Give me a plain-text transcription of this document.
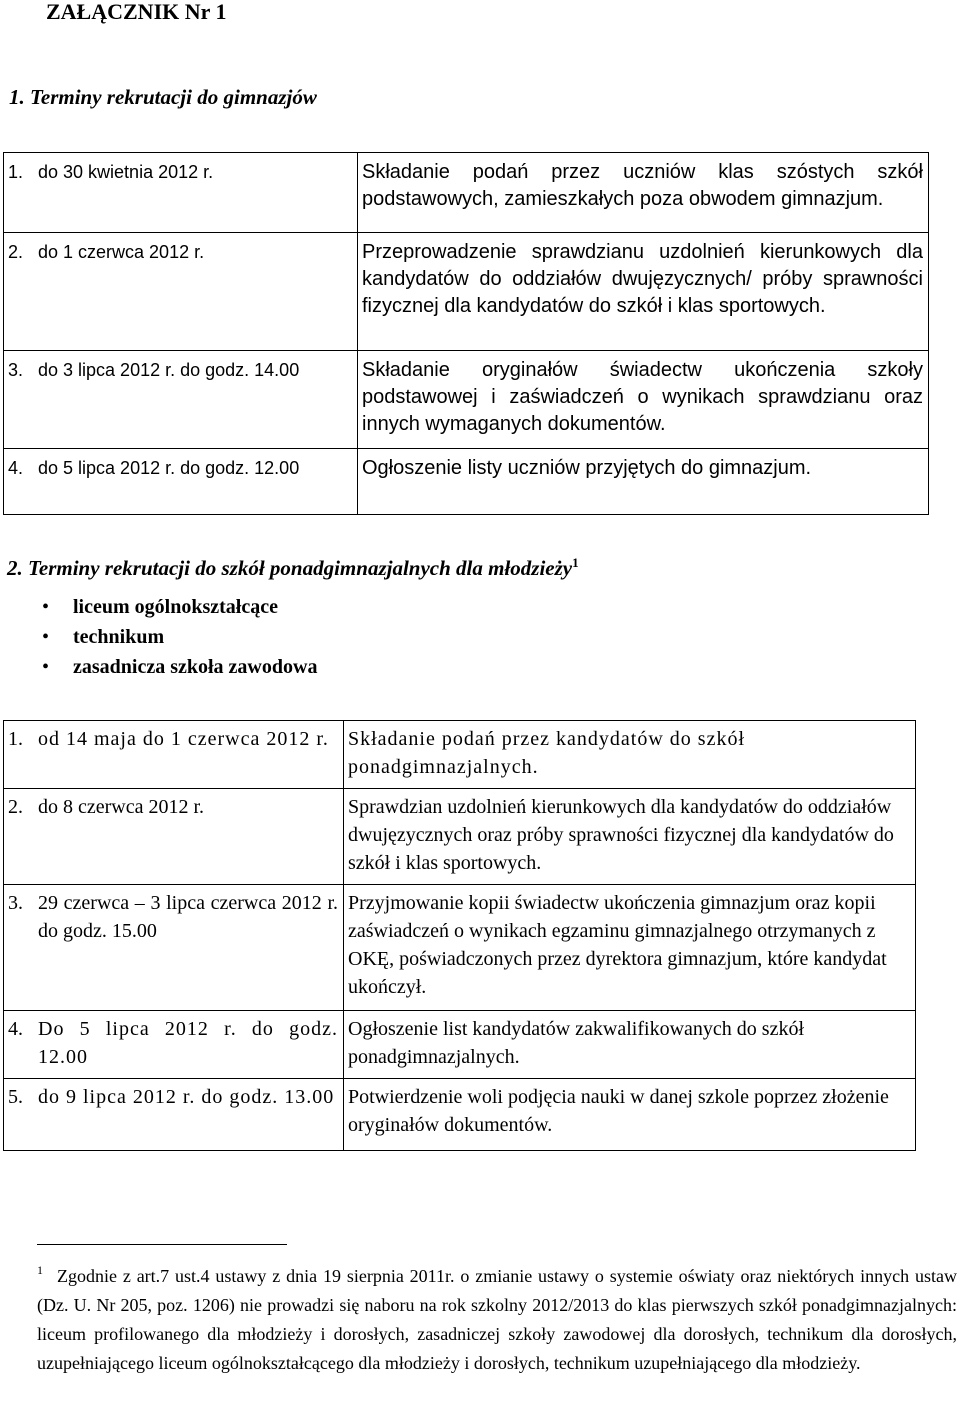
ZAŁĄCZNIK Nr 1
1. Terminy rekrutacji do gimnazjów
1. do 30 kwietnia 2012 r.	Składanie podań przez uczniów klas szóstych szkół podstawowych, zamieszkałych poza obwodem gimnazjum.

2. do 1 czerwca 2012 r.	Przeprowadzenie sprawdzianu uzdolnień kierunkowych dla kandydatów do oddziałów dwujęzycznych/ próby sprawności fizycznej dla kandydatów do szkół i klas sportowych.

3. do 3 lipca 2012 r. do godz. 14.00	Składanie oryginałów świadectw ukończenia szkoły podstawowej i zaświadczeń o wynikach sprawdzianu oraz innych wymaganych dokumentów.

4. do 5 lipca 2012 r. do godz. 12.00	Ogłoszenie listy uczniów przyjętych do gimnazjum.
2. Terminy rekrutacji do szkół ponadgimnazjalnych dla młodzieży$^1$
•	liceum ogólnokształcące
•	technikum
•	zasadnicza szkoła zawodowa
1. od 14 maja do 1 czerwca 2012 r.	Składanie podań przez kandydatów do szkół ponadgimnazjalnych.

2. do 8 czerwca 2012 r.	Sprawdzian uzdolnień kierunkowych dla kandydatów do oddziałów dwujęzycznych oraz próby sprawności fizycznej dla kandydatów do szkół i klas sportowych.

3. 29 czerwca – 3 lipca czerwca 2012 r. do godz. 15.00	Przyjmowanie kopii świadectw ukończenia gimnazjum oraz kopii zaświadczeń o wynikach egzaminu gimnazjalnego otrzymanych z OKĘ, poświadczonych przez dyrektora gimnazjum, które kandydat ukończył.

4. Do 5 lipca 2012 r. do godz. 12.00	Ogłoszenie list kandydatów zakwalifikowanych do szkół ponadgimnazjalnych.

5. do 9 lipca 2012 r. do godz. 13.00	Potwierdzenie woli podjęcia nauki w danej szkole poprzez złożenie oryginałów dokumentów.
$^1$ Zgodnie z art.7 ust.4 ustawy z dnia 19 sierpnia 2011r. o zmianie ustawy o systemie oświaty oraz niektórych innych ustaw (Dz. U. Nr 205, poz. 1206) nie prowadzi się naboru na rok szkolny 2012/2013 do klas pierwszych szkół ponadgimnazjalnych: liceum profilowanego dla młodzieży i dorosłych, zasadniczej szkoły zawodowej dla dorosłych, technikum dla dorosłych, uzupełniającego liceum ogólnokształcącego dla młodzieży i dorosłych, technikum uzupełniającego dla młodzieży.
